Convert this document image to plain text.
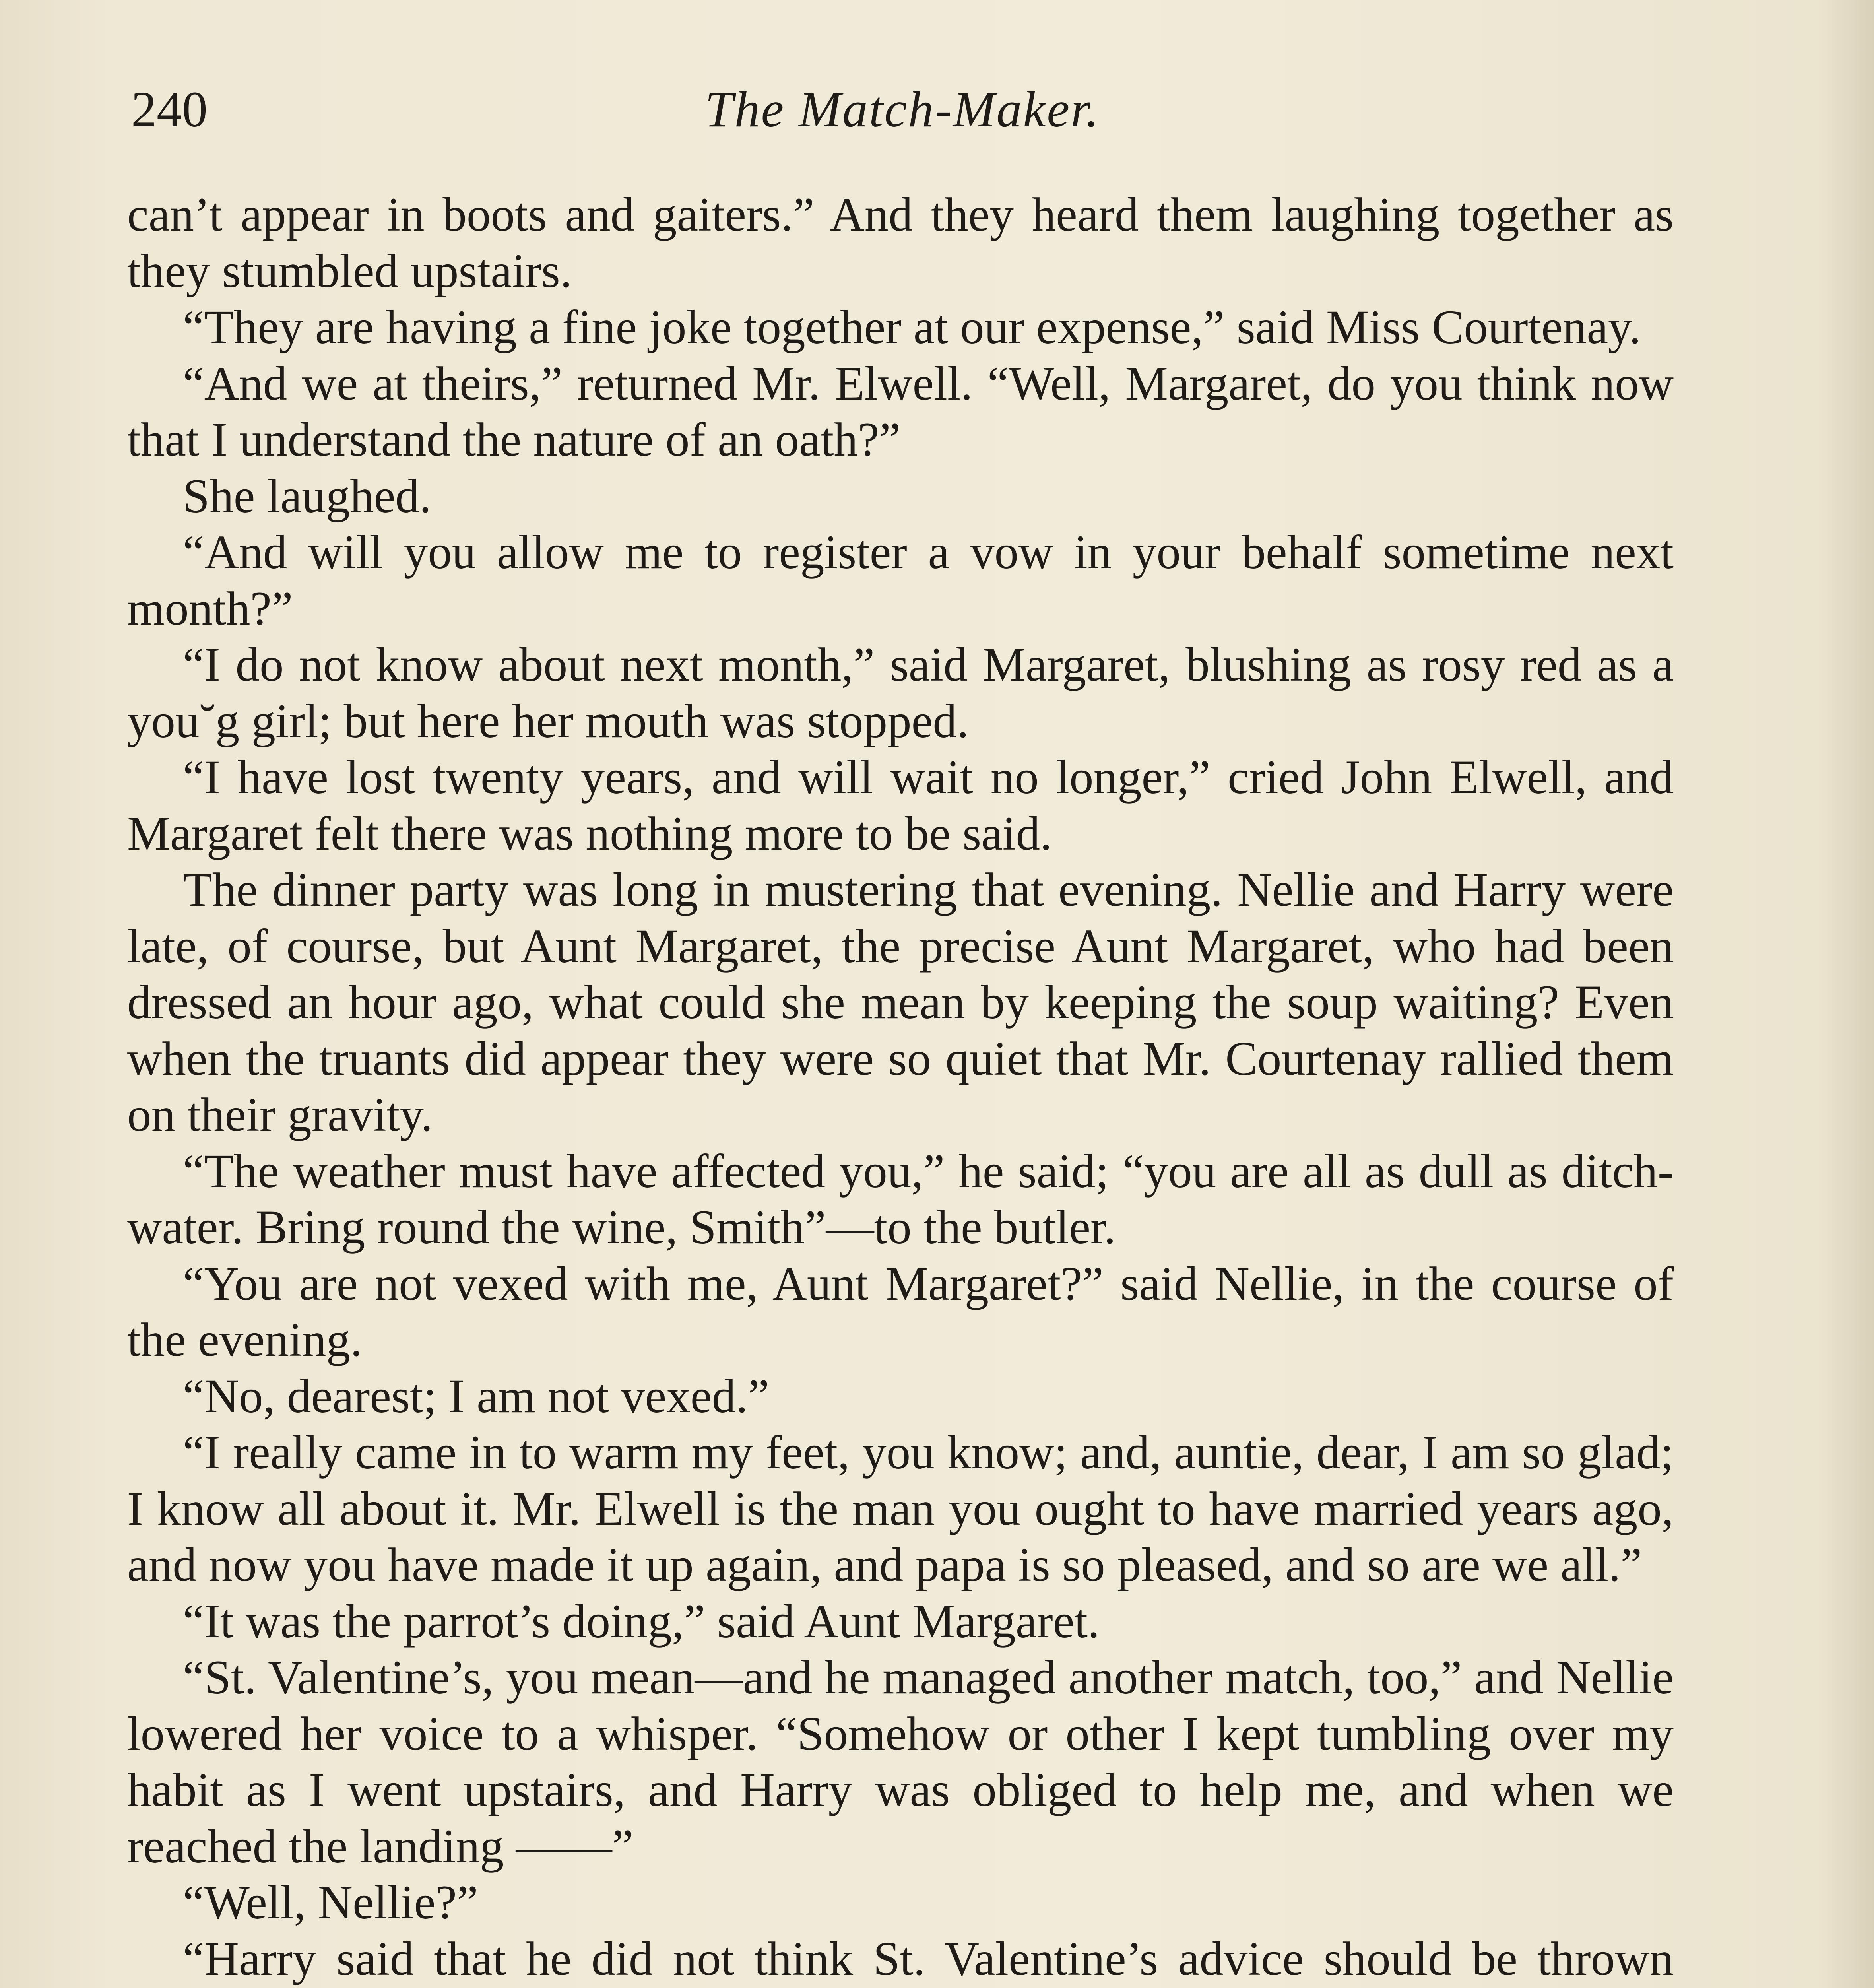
240	The Match-Maker.

can’t appear in boots and gaiters.” And they heard them laughing together as they stumbled upstairs.

“They are having a fine joke together at our expense,” said Miss Courtenay.

“And we at theirs,” returned Mr. Elwell. “Well, Margaret, do you think now that I understand the nature of an oath?”

She laughed.

“And will you allow me to register a vow in your behalf sometime next month?”

“I do not know about next month,” said Margaret, blushing as rosy red as a you˘g girl; but here her mouth was stopped.

“I have lost twenty years, and will wait no longer,” cried John Elwell, and Margaret felt there was nothing more to be said.

The dinner party was long in mustering that evening. Nellie and Harry were late, of course, but Aunt Margaret, the precise Aunt Margaret, who had been dressed an hour ago, what could she mean by keeping the soup waiting? Even when the truants did appear they were so quiet that Mr. Courtenay rallied them on their gravity.

“The weather must have affected you,” he said; “you are all as dull as ditch-water. Bring round the wine, Smith”—to the butler.

“You are not vexed with me, Aunt Margaret?” said Nellie, in the course of the evening.

“No, dearest; I am not vexed.”

“I really came in to warm my feet, you know; and, auntie, dear, I am so glad; I know all about it. Mr. Elwell is the man you ought to have married years ago, and now you have made it up again, and papa is so pleased, and so are we all.”

“It was the parrot’s doing,” said Aunt Margaret.

“St. Valentine’s, you mean—and he managed another match, too,” and Nellie lowered her voice to a whisper. “Somehow or other I kept tumbling over my habit as I went upstairs, and Harry was obliged to help me, and when we reached the landing ——”

“Well, Nellie?”

“Harry said that he did not think St. Valentine’s advice should be thrown
